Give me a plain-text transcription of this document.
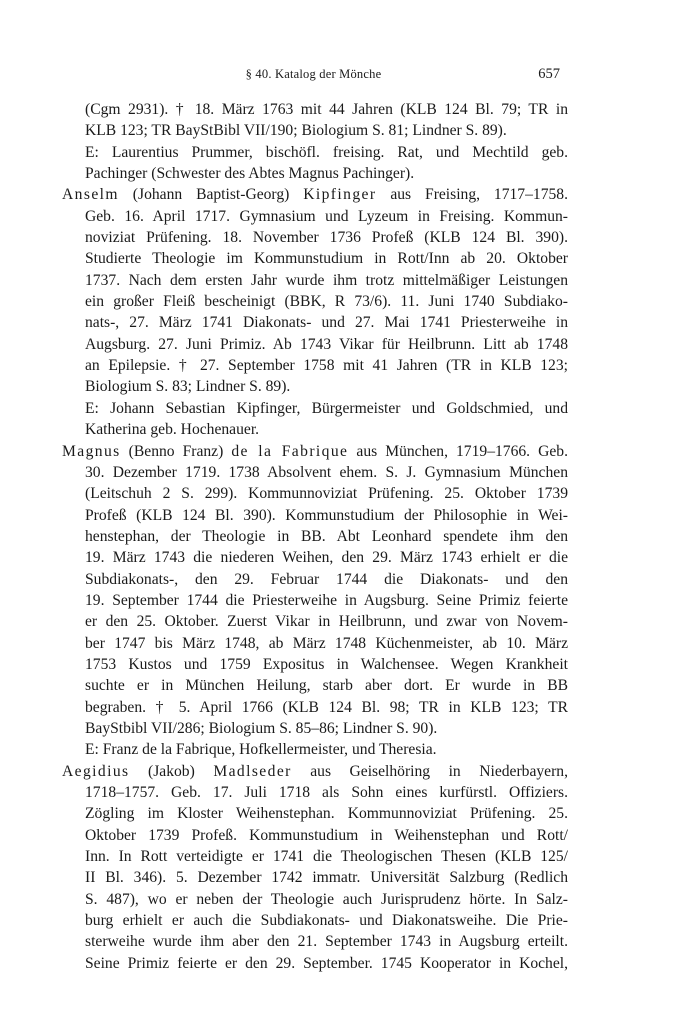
§ 40. Katalog der Mönche	657
(Cgm 2931). † 18. März 1763 mit 44 Jahren (KLB 124 Bl. 79; TR in
KLB 123; TR BayStBibl VII/190; Biologium S. 81; Lindner S. 89).
E: Laurentius Prummer, bischöfl. freising. Rat, und Mechtild geb.
Pachinger (Schwester des Abtes Magnus Pachinger).
Anselm (Johann Baptist-Georg) Kipfinger aus Freising, 1717–1758.
Geb. 16. April 1717. Gymnasium und Lyzeum in Freising. Kommun-
noviziat Prüfening. 18. November 1736 Profeß (KLB 124 Bl. 390).
Studierte Theologie im Kommunstudium in Rott/Inn ab 20. Oktober
1737. Nach dem ersten Jahr wurde ihm trotz mittelmäßiger Leistungen
ein großer Fleiß bescheinigt (BBK, R 73/6). 11. Juni 1740 Subdiako-
nats-, 27. März 1741 Diakonats- und 27. Mai 1741 Priesterweihe in
Augsburg. 27. Juni Primiz. Ab 1743 Vikar für Heilbrunn. Litt ab 1748
an Epilepsie. † 27. September 1758 mit 41 Jahren (TR in KLB 123;
Biologium S. 83; Lindner S. 89).
E: Johann Sebastian Kipfinger, Bürgermeister und Goldschmied, und
Katherina geb. Hochenauer.
Magnus (Benno Franz) de la Fabrique aus München, 1719–1766. Geb.
30. Dezember 1719. 1738 Absolvent ehem. S. J. Gymnasium München
(Leitschuh 2 S. 299). Kommunnoviziat Prüfening. 25. Oktober 1739
Profeß (KLB 124 Bl. 390). Kommunstudium der Philosophie in Wei-
henstephan, der Theologie in BB. Abt Leonhard spendete ihm den
19. März 1743 die niederen Weihen, den 29. März 1743 erhielt er die
Subdiakonats-, den 29. Februar 1744 die Diakonats- und den
19. September 1744 die Priesterweihe in Augsburg. Seine Primiz feierte
er den 25. Oktober. Zuerst Vikar in Heilbrunn, und zwar von Novem-
ber 1747 bis März 1748, ab März 1748 Küchenmeister, ab 10. März
1753 Kustos und 1759 Expositus in Walchensee. Wegen Krankheit
suchte er in München Heilung, starb aber dort. Er wurde in BB
begraben. † 5. April 1766 (KLB 124 Bl. 98; TR in KLB 123; TR
BayStbibl VII/286; Biologium S. 85–86; Lindner S. 90).
E: Franz de la Fabrique, Hofkellermeister, und Theresia.
Aegidius (Jakob) Madlseder aus Geiselhöring in Niederbayern,
1718–1757. Geb. 17. Juli 1718 als Sohn eines kurfürstl. Offiziers.
Zögling im Kloster Weihenstephan. Kommunnoviziat Prüfening. 25.
Oktober 1739 Profeß. Kommunstudium in Weihenstephan und Rott/
Inn. In Rott verteidigte er 1741 die Theologischen Thesen (KLB 125/
II Bl. 346). 5. Dezember 1742 immatr. Universität Salzburg (Redlich
S. 487), wo er neben der Theologie auch Jurisprudenz hörte. In Salz-
burg erhielt er auch die Subdiakonats- und Diakonatsweihe. Die Prie-
sterweihe wurde ihm aber den 21. September 1743 in Augsburg erteilt.
Seine Primiz feierte er den 29. September. 1745 Kooperator in Kochel,
